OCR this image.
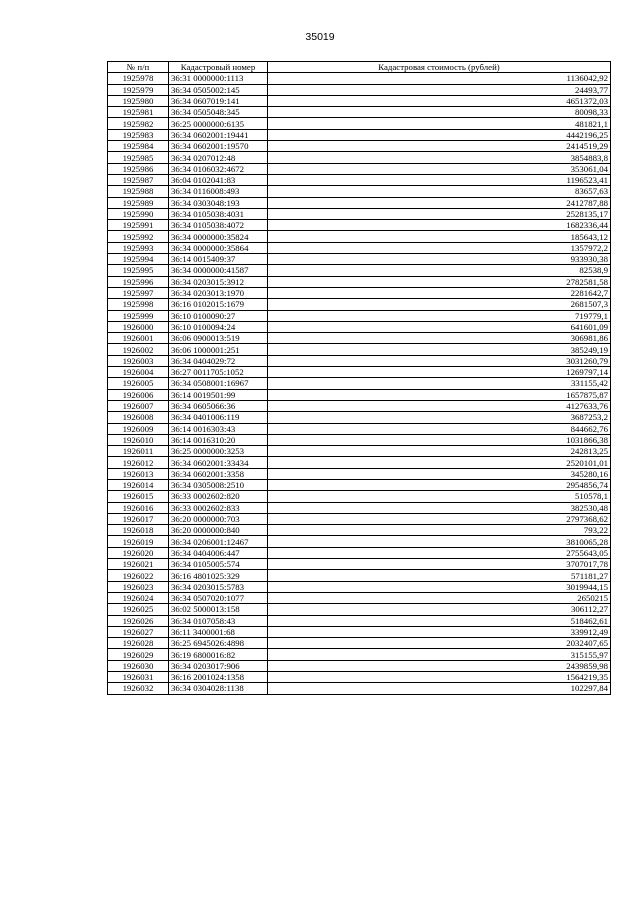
35019
№ п/п	Кадастровый номер	Кадастровая стоимость (рублей)
1925978	36:31 0000000:1113	1136042,92
1925979	36:34 0505002:145	24493,77
1925980	36:34 0607019:141	4651372,03
1925981	36:34 0505048:345	80098,33
1925982	36:25 0000000:6135	481821,1
1925983	36:34 0602001:19441	4442196,25
1925984	36:34 0602001:19570	2414519,29
1925985	36:34 0207012:48	3854883,8
1925986	36:34 0106032:4672	353061,04
1925987	36:04 0102041:83	1196523,41
1925988	36:34 0116008:493	83657,63
1925989	36:34 0303048:193	2412787,88
1925990	36:34 0105038:4031	2528135,17
1925991	36:34 0105038:4072	1682336,44
1925992	36:34 0000000:35824	185643,12
1925993	36:34 0000000:35864	1357972,2
1925994	36:14 0015409:37	933930,38
1925995	36:34 0000000:41587	82538,9
1925996	36:34 0203015:3912	2782581,58
1925997	36:34 0203013:1970	2281642,7
1925998	36:16 0102015:1679	2681507,3
1925999	36:10 0100090:27	719779,1
1926000	36:10 0100094:24	641601,09
1926001	36:06 0900013:519	306981,86
1926002	36:06 1000001:251	385249,19
1926003	36:34 0404029:72	3031260,79
1926004	36:27 0011705:1052	1269797,14
1926005	36:34 0508001:16967	331155,42
1926006	36:14 0019501:99	1657875,87
1926007	36:34 0605066:36	4127633,76
1926008	36:34 0401006:119	3687253,2
1926009	36:14 0016303:43	844662,76
1926010	36:14 0016310:20	1031866,38
1926011	36:25 0000000:3253	242813,25
1926012	36:34 0602001:33434	2520101,01
1926013	36:34 0602001:3358	345280,16
1926014	36:34 0305008:2510	2954856,74
1926015	36:33 0002602:820	510578,1
1926016	36:33 0002602:833	382530,48
1926017	36:20 0000000:703	2797368,62
1926018	36:20 0000000:840	793,22
1926019	36:34 0206001:12467	3810065,28
1926020	36:34 0404006:447	2755643,05
1926021	36:34 0105005:574	3707017,78
1926022	36:16 4801025:329	571181,27
1926023	36:34 0203015:5783	3019944,15
1926024	36:34 0507020:1077	2650215
1926025	36:02 5000013:158	306112,27
1926026	36:34 0107058:43	518462,61
1926027	36:11 3400001:68	339912,49
1926028	36:25 6945026:4898	2032407,65
1926029	36:19 6800016:82	315155,97
1926030	36:34 0203017:906	2439859,98
1926031	36:16 2001024:1358	1564219,35
1926032	36:34 0304028:1138	102297,84
